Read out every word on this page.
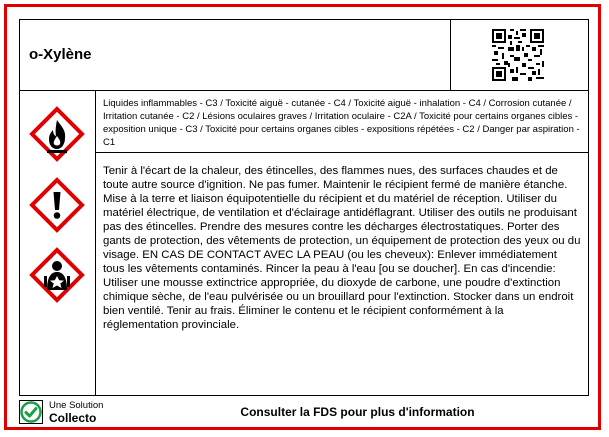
o-Xylène
Liquides inflammables - C3 / Toxicité aiguë - cutanée - C4 / Toxicité aiguë - inhalation - C4 / Corrosion cutanée / Irritation cutanée - C2 / Lésions oculaires graves / Irritation oculaire - C2A / Toxicité pour certains organes cibles - exposition unique - C3 / Toxicité pour certains organes cibles - expositions répétées - C2 / Danger par aspiration - C1
Tenir à l'écart de la chaleur, des étincelles, des flammes nues, des surfaces chaudes et de toute autre source d'ignition. Ne pas fumer. Maintenir le récipient fermé de manière étanche. Mise à la terre et liaison équipotentielle du récipient et du matériel de réception. Utiliser du matériel électrique, de ventilation et d'éclairage antidéflagrant. Utiliser des outils ne produisant pas des étincelles. Prendre des mesures contre les décharges électrostatiques. Porter des gants de protection, des vêtements de protection, un équipement de protection des yeux ou du visage. EN CAS DE CONTACT AVEC LA PEAU (ou les cheveux): Enlever immédiatement tous les vêtements contaminés. Rincer la peau à l'eau [ou se doucher]. En cas d'incendie: Utiliser une mousse extinctrice appropriée, du dioxyde de carbone, une poudre d'extinction chimique sèche, de l'eau pulvérisée ou un brouillard pour l'extinction. Stocker dans un endroit bien ventilé. Tenir au frais. Éliminer le contenu et le récipient conformément à la réglementation provinciale.
Une Solution
Collecto	Consulter la FDS pour plus d'information
